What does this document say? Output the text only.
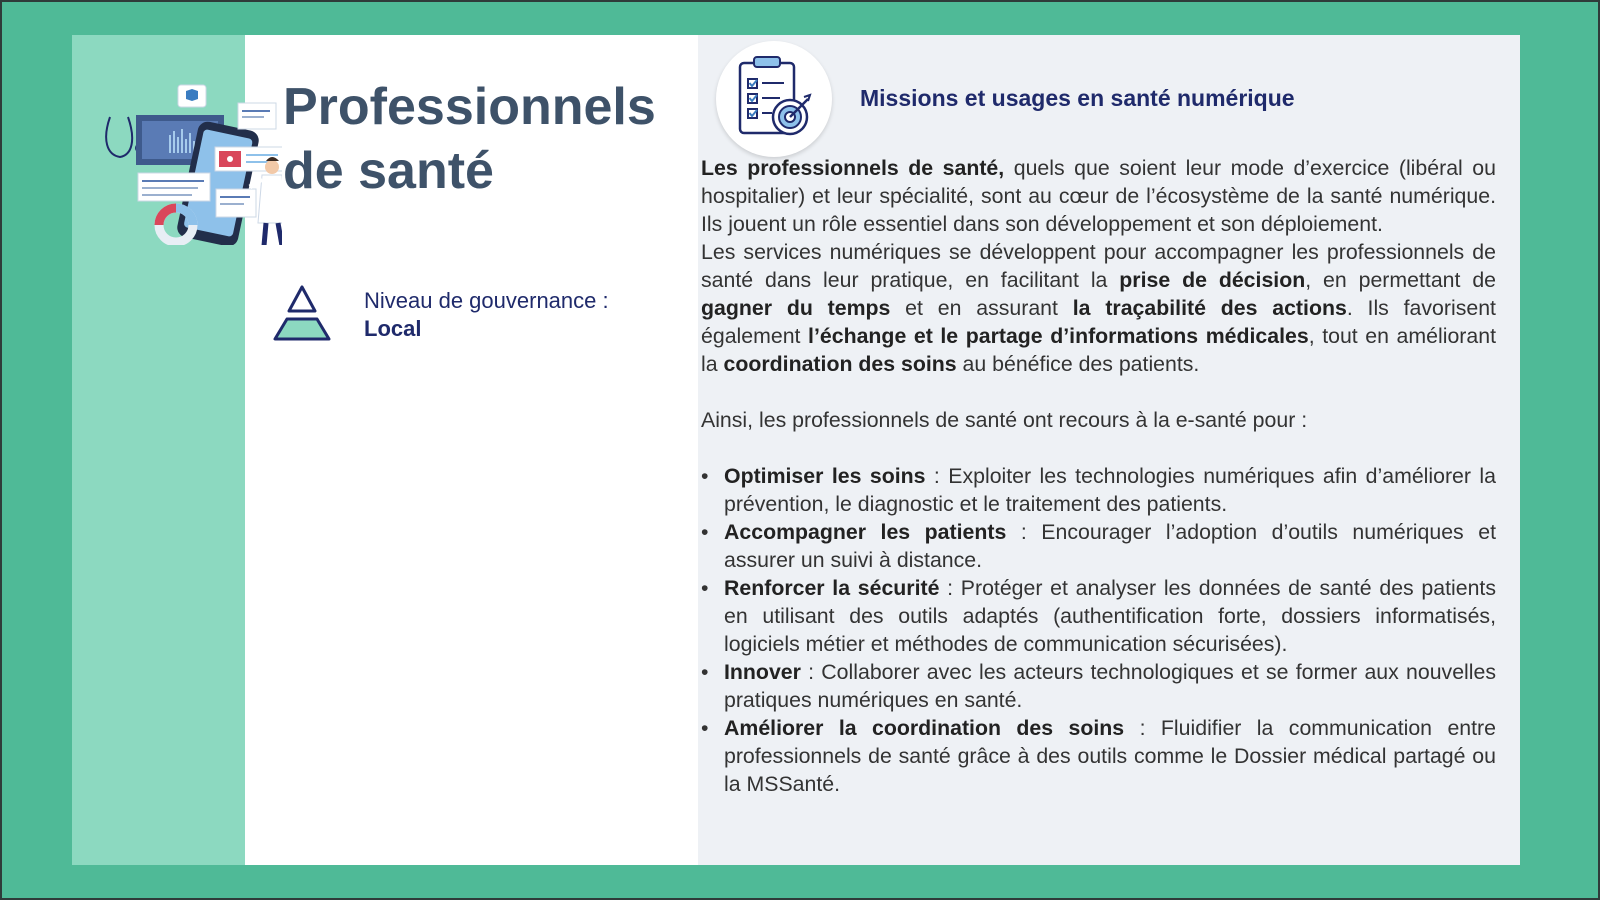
Professionnels de santé
Niveau de gouvernance :
Local
Missions et usages en santé numérique

Les professionnels de santé, quels que soient leur mode d’exercice (libéral ou hospitalier) et leur spécialité, sont au cœur de l’écosystème de la santé numérique. Ils jouent un rôle essentiel dans son développement et son déploiement.

Les services numériques se développent pour accompagner les professionnels de santé dans leur pratique, en facilitant la prise de décision, en permettant de gagner du temps et en assurant la traçabilité des actions. Ils favorisent également l’échange et le partage d’informations médicales, tout en améliorant la coordination des soins au bénéfice des patients.

Ainsi, les professionnels de santé ont recours à la e-santé pour :

• Optimiser les soins : Exploiter les technologies numériques afin d’améliorer la prévention, le diagnostic et le traitement des patients.
• Accompagner les patients : Encourager l’adoption d’outils numériques et assurer un suivi à distance.
• Renforcer la sécurité : Protéger et analyser les données de santé des patients en utilisant des outils adaptés (authentification forte, dossiers informatisés, logiciels métier et méthodes de communication sécurisées).
• Innover : Collaborer avec les acteurs technologiques et se former aux nouvelles pratiques numériques en santé.
• Améliorer la coordination des soins : Fluidifier la communication entre professionnels de santé grâce à des outils comme le Dossier médical partagé ou la MSSanté.
